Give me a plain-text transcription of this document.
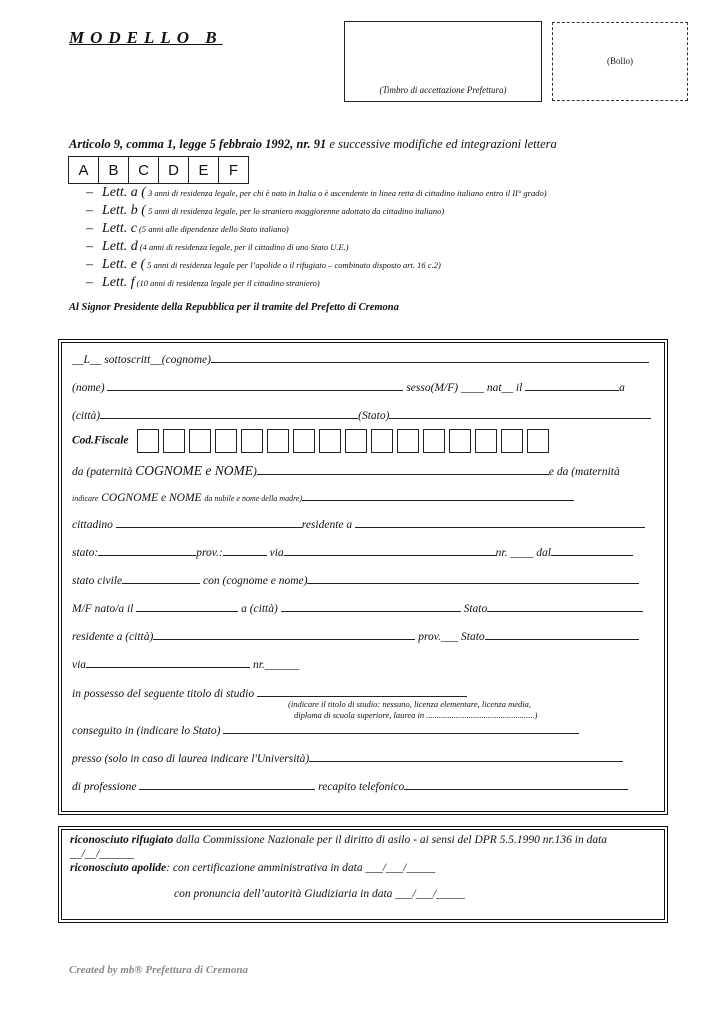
MODELLO B
(Timbro di accettazione Prefettura)
(Bollo)
Articolo 9, comma 1, legge 5 febbraio 1992, nr. 91 e successive modifiche ed integrazioni lettera
A	B	C	D	E	F
– Lett. a ( 3 anni di residenza legale, per chi è nato in Italia o è ascendente in linea retta di cittadino italiano entro il II° grado)
– Lett. b ( 5 anni di residenza legale, per lo straniero maggiorenne adottato da cittadino italiano)
– Lett. c (5 anni alle dipendenze dello Stato italiano)
– Lett. d (4 anni di residenza legale, per il cittadino di uno Stato U.E.)
– Lett. e ( 5 anni di residenza legale per l’apolide o il rifugiato – combinato disposto art. 16 c.2)
– Lett. f (10 anni di residenza legale per il cittadino straniero)
Al Signor Presidente della Repubblica per il tramite del Prefetto di Cremona
__L__ sottoscritt__(cognome)
(nome)	sesso(M/F) ____ nat__ il	a
(città)	(Stato)
Cod.Fiscale
da (paternità COGNOME e NOME)	e da (maternità
indicare COGNOME e NOME da nubile e nome della madre)
cittadino	residente a
stato:	prov.:	via	nr. ____ dal
stato civile	con (cognome e nome)
M/F nato/a il	a (città)	Stato
residente a (città)	prov.___ Stato
via	nr.______
in possesso del seguente titolo di studio
(indicare il titolo di studio: nessuno, licenza elementare, licenza media,
diploma di scuola superiore, laurea in ...................................................)
conseguito in (indicare lo Stato)
presso (solo in caso di laurea indicare l'Università)
di professione	recapito telefonico
riconosciuto rifugiato dalla Commissione Nazionale per il diritto di asilo - ai sensi del DPR 5.5.1990 nr.136 in data
__/__/______
riconosciuto apolide: con certificazione amministrativa in data ___/___/_____
con pronuncia dell’autorità Giudiziaria in data ___/___/_____
Created by mb® Prefettura di Cremona
